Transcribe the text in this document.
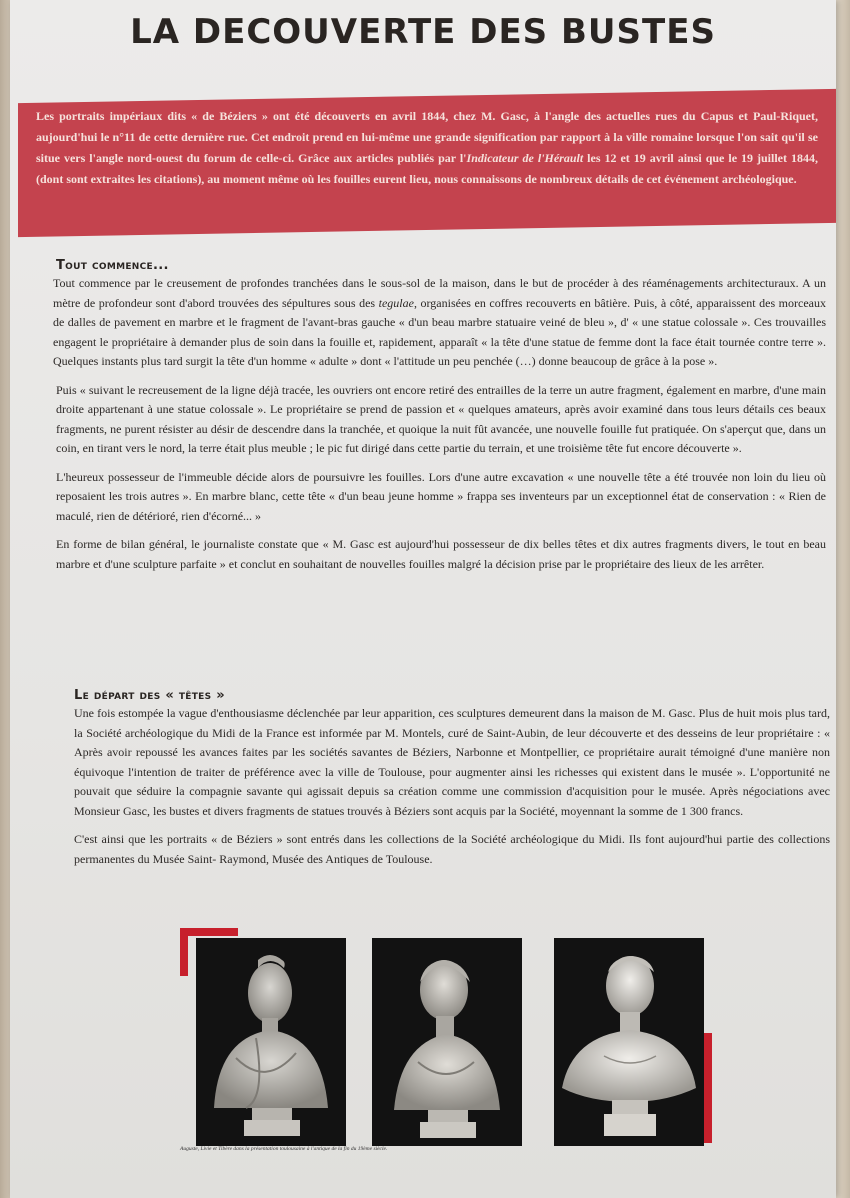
LA DECOUVERTE DES BUSTES

Les portraits impériaux dits « de Béziers » ont été découverts en avril 1844, chez M. Gasc, à l'angle des actuelles rues du Capus et Paul-Riquet, aujourd'hui le n°11 de cette dernière rue. Cet endroit prend en lui-même une grande signification par rapport à la ville romaine lorsque l'on sait qu'il se situe vers l'angle nord-ouest du forum de celle-ci. Grâce aux articles publiés par l'Indicateur de l'Hérault les 12 et 19 avril ainsi que le 19 juillet 1844, (dont sont extraites les citations), au moment même où les fouilles eurent lieu, nous connaissons de nombreux détails de cet événement archéologique.

Tout commence...

Tout commence par le creusement de profondes tranchées dans le sous-sol de la maison, dans le but de procéder à des réaménagements architecturaux. A un mètre de profondeur sont d'abord trouvées des sépultures sous des tegulae, organisées en coffres recouverts en bâtière. Puis, à côté, apparaissent des morceaux de dalles de pavement en marbre et le fragment de l'avant-bras gauche « d'un beau marbre statuaire veiné de bleu », d' « une statue colossale ». Ces trouvailles engagent le propriétaire à demander plus de soin dans la fouille et, rapidement, apparaît « la tête d'une statue de femme dont la face était tournée contre terre ». Quelques instants plus tard surgit la tête d'un homme « adulte » dont « l'attitude un peu penchée (…) donne beaucoup de grâce à la pose ».

Puis « suivant le recreusement de la ligne déjà tracée, les ouvriers ont encore retiré des entrailles de la terre un autre fragment, également en marbre, d'une main droite appartenant à une statue colossale ». Le propriétaire se prend de passion et « quelques amateurs, après avoir examiné dans tous leurs détails ces beaux fragments, ne purent résister au désir de descendre dans la tranchée, et quoique la nuit fût avancée, une nouvelle fouille fut pratiquée. On s'aperçut que, dans un coin, en tirant vers le nord, la terre était plus meuble ; le pic fut dirigé dans cette partie du terrain, et une troisième tête fut encore découverte ».

L'heureux possesseur de l'immeuble décide alors de poursuivre les fouilles. Lors d'une autre excavation « une nouvelle tête a été trouvée non loin du lieu où reposaient les trois autres ». En marbre blanc, cette tête « d'un beau jeune homme » frappa ses inventeurs par un exceptionnel état de conservation : « Rien de maculé, rien de détérioré, rien d'écorné... »

En forme de bilan général, le journaliste constate que « M. Gasc est aujourd'hui possesseur de dix belles têtes et dix autres fragments divers, le tout en beau marbre et d'une sculpture parfaite » et conclut en souhaitant de nouvelles fouilles malgré la décision prise par le propriétaire des lieux de les arrêter.

Le départ des « têtes »

Une fois estompée la vague d'enthousiasme déclenchée par leur apparition, ces sculptures demeurent dans la maison de M. Gasc. Plus de huit mois plus tard, la Société archéologique du Midi de la France est informée par M. Montels, curé de Saint-Aubin, de leur découverte et des desseins de leur propriétaire : « Après avoir repoussé les avances faites par les sociétés savantes de Béziers, Narbonne et Montpellier, ce propriétaire aurait témoigné d'une manière non équivoque l'intention de traiter de préférence avec la ville de Toulouse, pour augmenter ainsi les richesses qui existent dans le musée ». L'opportunité ne pouvait que séduire la compagnie savante qui agissait depuis sa création comme une commission d'acquisition pour le musée. Après négociations avec Monsieur Gasc, les bustes et divers fragments de statues trouvés à Béziers sont acquis par la Société, moyennant la somme de 1 300 francs.

C'est ainsi que les portraits « de Béziers » sont entrés dans les collections de la Société archéologique du Midi. Ils font aujourd'hui partie des collections permanentes du Musée Saint- Raymond, Musée des Antiques de Toulouse.

Auguste, Livie et Tibère dans la présentation toulousaine à l'antique de la fin du 19ème siècle.
